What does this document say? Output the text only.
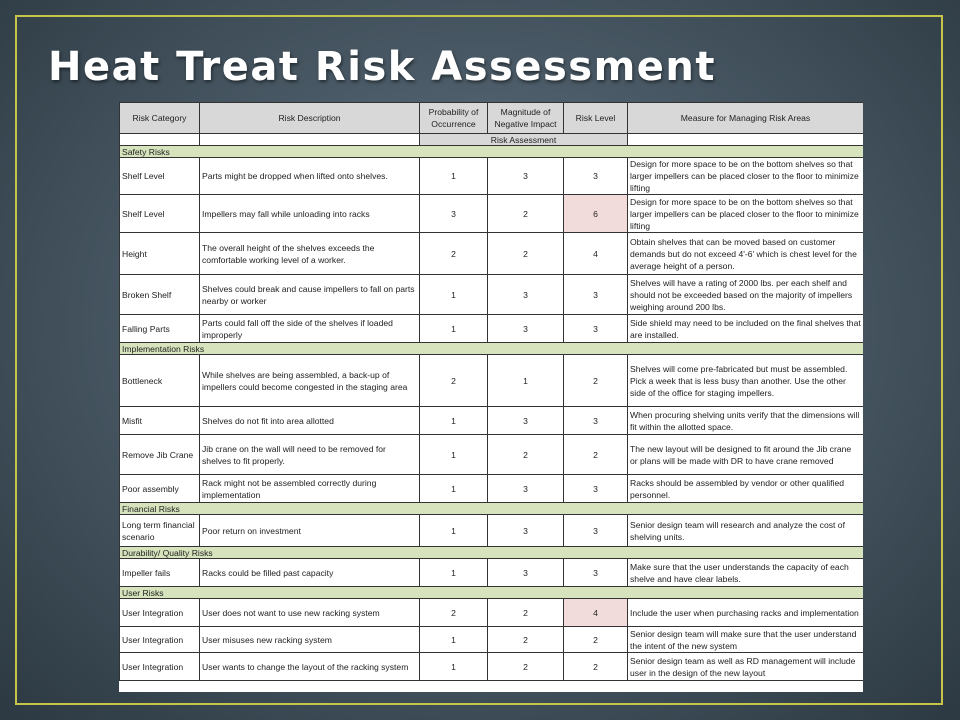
Heat Treat Risk Assessment
Risk Category	Risk Description	Probability of Occurrence	Magnitude of Negative Impact	Risk Level	Measure for Managing Risk Areas
		Risk Assessment			
Safety Risks					
Shelf Level	Parts might be dropped when lifted onto shelves.	1	3	3	Design for more space to be on the bottom shelves so that larger impellers can be placed closer to the floor to minimize lifting
Shelf Level	Impellers may fall while unloading into racks	3	2	6	Design for more space to be on the bottom shelves so that larger impellers can be placed closer to the floor to minimize lifting
Height	The overall height of the shelves exceeds the comfortable working level of a worker.	2	2	4	Obtain shelves that can be moved based on customer demands but do not exceed 4'-6' which is chest level for the average height of a person.
Broken Shelf	Shelves could break and cause impellers to fall on parts nearby or worker	1	3	3	Shelves will have a rating of 2000 lbs. per each shelf and should not be exceeded based on the majority of impellers weighing around 200 lbs.
Falling Parts	Parts could fall off the side of the shelves if loaded improperly	1	3	3	Side shield may need to be included on the final shelves that are installed.
Implementation Risks					
Bottleneck	While shelves are being assembled, a back-up of impellers could become congested in the staging area	2	1	2	Shelves will come pre-fabricated but must be assembled. Pick a week that is less busy than another. Use the other side of the office for staging impellers.
Misfit	Shelves do not fit into area allotted	1	3	3	When procuring shelving units verify that the dimensions will fit within the allotted space.
Remove Jib Crane	Jib crane on the wall will need to be removed for shelves to fit properly.	1	2	2	The new layout will be designed to fit around the Jib crane or plans will be made with DR to have crane removed
Poor assembly	Rack might not be assembled correctly during implementation	1	3	3	Racks should be assembled by vendor or other qualified personnel.
Financial Risks					
Long term financial scenario	Poor return on investment	1	3	3	Senior design team will research and analyze the cost of shelving units.
Durability/ Quality Risks					
Impeller fails	Racks could be filled past capacity	1	3	3	Make sure that the user understands the capacity of each shelve and have clear labels.
User Risks					
User Integration	User does not want to use new racking system	2	2	4	Include the user when purchasing racks and implementation
User Integration	User misuses new racking system	1	2	2	Senior design team will make sure that the user understand the intent of the new system
User Integration	User wants to change the layout of the racking system	1	2	2	Senior design team as well as RD management will include user in the design of the new layout
